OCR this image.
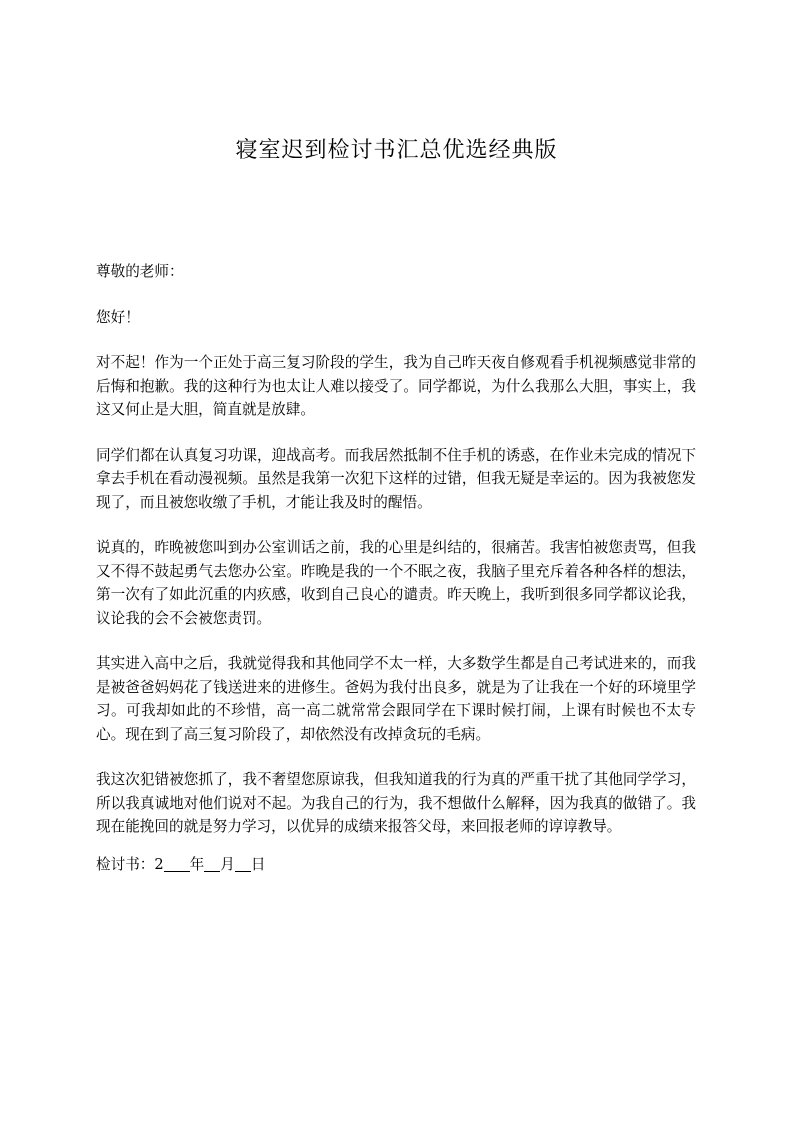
寝室迟到检讨书汇总优选经典版

尊敬的老师：

您好！

对不起！作为一个正处于高三复习阶段的学生，我为自己昨天夜自修观看手机视频感觉非常的后悔和抱歉。我的这种行为也太让人难以接受了。同学都说，为什么我那么大胆，事实上，我这又何止是大胆，简直就是放肆。

同学们都在认真复习功课，迎战高考。而我居然抵制不住手机的诱惑，在作业未完成的情况下拿去手机在看动漫视频。虽然是我第一次犯下这样的过错，但我无疑是幸运的。因为我被您发现了，而且被您收缴了手机，才能让我及时的醒悟。

说真的，昨晚被您叫到办公室训话之前，我的心里是纠结的，很痛苦。我害怕被您责骂，但我又不得不鼓起勇气去您办公室。昨晚是我的一个不眠之夜，我脑子里充斥着各种各样的想法，第一次有了如此沉重的内疚感，收到自己良心的谴责。昨天晚上，我听到很多同学都议论我，议论我的会不会被您责罚。

其实进入高中之后，我就觉得我和其他同学不太一样，大多数学生都是自己考试进来的，而我是被爸爸妈妈花了钱送进来的进修生。爸妈为我付出良多，就是为了让我在一个好的环境里学习。可我却如此的不珍惜，高一高二就常常会跟同学在下课时候打闹，上课有时候也不太专心。现在到了高三复习阶段了，却依然没有改掉贪玩的毛病。

我这次犯错被您抓了，我不奢望您原谅我，但我知道我的行为真的严重干扰了其他同学学习，所以我真诚地对他们说对不起。为我自己的行为，我不想做什么解释，因为我真的做错了。我现在能挽回的就是努力学习，以优异的成绩来报答父母，来回报老师的谆谆教导。

检讨书：2 年 月 日
